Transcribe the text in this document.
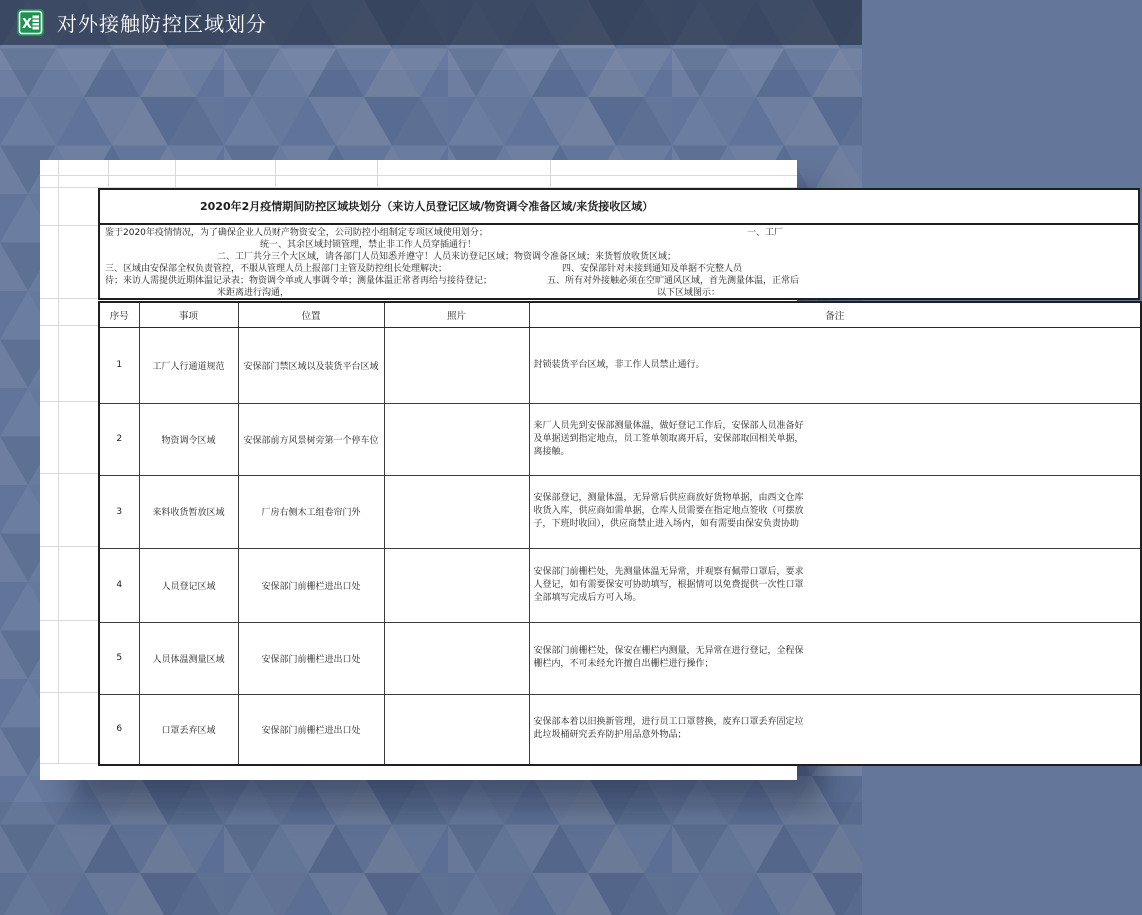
X 对外接触防控区域划分
2020年2月疫情期间防控区域块划分（来访人员登记区域/物资调令准备区域/来货接收区域）
鉴于2020年疫情情况，为了确保企业人员财产物资安全，公司防控小组制定专项区域使用划分；	一、工厂
统一、其余区域封锁管理，禁止非工作人员穿插通行！
二、工厂共分三个大区域，请各部门人员知悉并遵守！人员来访登记区域；物资调令准备区域；来货暂放收货区域；
三、区域由安保部全权负责管控，不服从管理人员上报部门主管及防控组长处理解决；	四、安保部针对未接到通知及单据不完整人员
待；来访人需提供近期体温记录表；物资调令单或人事调令单；测量体温正常者再给与接待登记；	五、所有对外接触必须在空旷通风区域，首先测量体温，正常后
米距离进行沟通，	以下区域图示：
序号	事项	位置	照片	备注
1	工厂人行通道规范	安保部门禁区域以及装货平台区域		封锁装货平台区域，非工作人员禁止通行。

2	物资调令区域	安保部前方风景树旁第一个停车位		来厂人员先到安保部测量体温，做好登记工作后，安保部人员准备好
及单据送到指定地点，员工签单领取离开后，安保部取回相关单据，
离接触。

3	来料收货暂放区域	厂房右侧木工组卷帘门外		安保部登记，测量体温，无异常后供应商放好货物单据，由西文仓库
收货入库，供应商如需单据，仓库人员需要在指定地点签收（可摆放
子，下班时收回），供应商禁止进入场内，如有需要由保安负责协助

4	人员登记区域	安保部门前栅栏进出口处		安保部门前栅栏处，先测量体温无异常，并观察有佩带口罩后，要求
人登记，如有需要保安可协助填写，根据情可以免费提供一次性口罩
全部填写完成后方可入场。

5	人员体温测量区域	安保部门前栅栏进出口处		安保部门前栅栏处，保安在栅栏内测量，无异常在进行登记，全程保
栅栏内，不可未经允许擅自出栅栏进行操作；

6	口罩丢弃区域	安保部门前栅栏进出口处		安保部本着以旧换新管理，进行员工口罩替换，废弃口罩丢弃固定垃
此垃圾桶研究丢弃防护用品意外物品；
